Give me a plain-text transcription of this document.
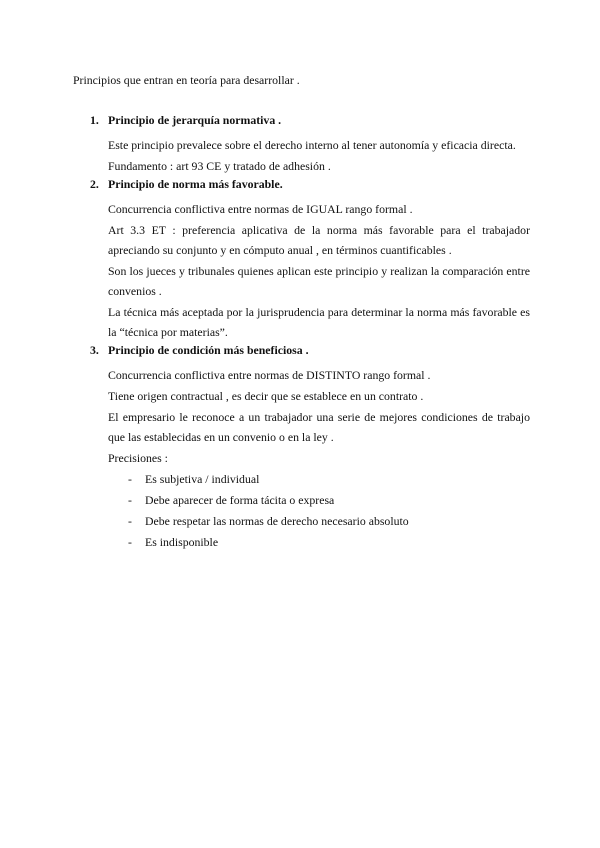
Principios que entran en teoría para desarrollar .
1. Principio de jerarquía normativa .
Este principio prevalece sobre el derecho interno al tener autonomía y eficacia directa.
Fundamento : art 93 CE y tratado de adhesión .
2. Principio de norma más favorable.
Concurrencia conflictiva entre normas de IGUAL rango formal .
Art 3.3 ET : preferencia aplicativa de la norma más favorable para el trabajador apreciando su conjunto y en cómputo anual , en términos cuantificables .
Son los jueces y tribunales quienes aplican este principio y realizan la comparación entre convenios .
La técnica más aceptada por la jurisprudencia para determinar la norma más favorable es la “técnica por materias”.
3. Principio de condición más beneficiosa .
Concurrencia conflictiva entre normas de DISTINTO rango formal .
Tiene origen contractual , es decir que se establece en un contrato .
El empresario le reconoce a un trabajador una serie de mejores condiciones de trabajo que las establecidas en un convenio o en la ley .
Precisiones :
- Es subjetiva / individual
- Debe aparecer de forma tácita o expresa
- Debe respetar las normas de derecho necesario absoluto
- Es indisponible
